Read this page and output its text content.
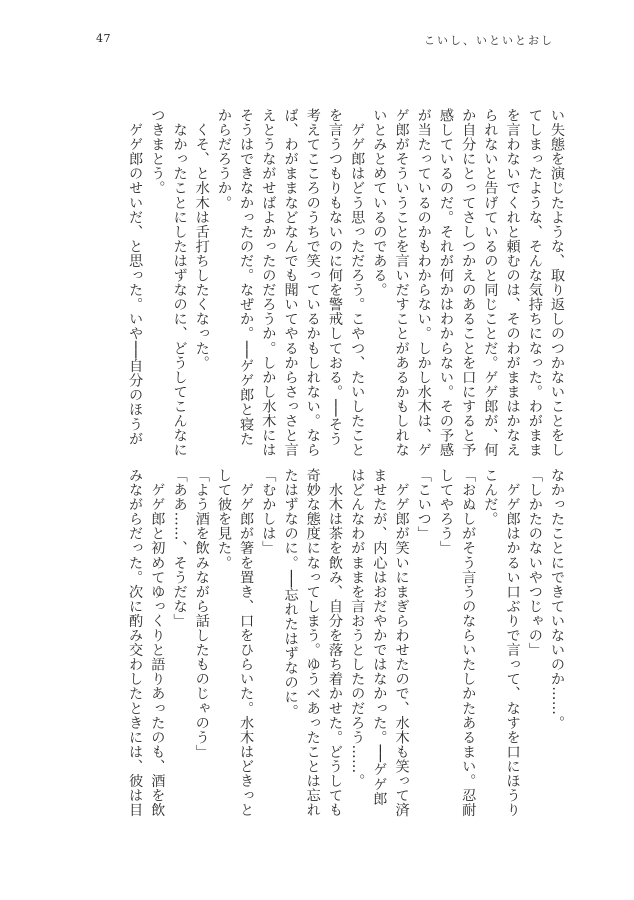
47	こいし、いといとおし
い失態を演じたような、取り返しのつかないことをし
てしまったような、そんな気持ちになった。わがまま
を言わないでくれと頼むのは、そのわがままはかなえ
られないと告げているのと同じことだ。ゲゲ郎が、何
か自分にとってさしつかえのあることを口にすると予
感しているのだ。それが何かはわからない。その予感
が当たっているのかもわからない。しかし水木は、ゲ
ゲ郎がそういうことを言いだすことがあるかもしれな
いとみとめているのである。
　ゲゲ郎はどう思っただろう。こやつ、たいしたこと
を言うつもりもないのに何を警戒しておる。──そう
考えてこころのうちで笑っているかもしれない。なら
ば、わがままなどなんでも聞いてやるからさっさと言
えとうながせばよかったのだろうか。しかし水木には
そうはできなかったのだ。なぜか。──ゲゲ郎と寝た
からだろうか。
　くそ、と水木は舌打ちしたくなった。
　なかったことにしたはずなのに、どうしてこんなに
つきまとう。
　ゲゲ郎のせいだ、と思った。いや──自分のほうが
なかったことにできていないのか……。
「しかたのないやつじゃの」
　ゲゲ郎はかるい口ぶりで言って、なすを口にほうり
こんだ。
「おぬしがそう言うのならいたしかたあるまい。忍耐
してやろう」
「こいつ」
　ゲゲ郎が笑いにまぎらわせたので、水木も笑って済
ませたが、内心はおだやかではなかった。──ゲゲ郎
はどんなわがままを言おうとしたのだろう……。
　水木は茶を飲み、自分を落ち着かせた。どうしても
奇妙な態度になってしまう。ゆうべあったことは忘れ
たはずなのに。──忘れたはずなのに。
「むかしは」
　ゲゲ郎が箸を置き、口をひらいた。水木はどきっと
して彼を見た。
「よう酒を飲みながら話したものじゃのう」
「ああ……、そうだな」
　ゲゲ郎と初めてゆっくりと語りあったのも、酒を飲
みながらだった。次に酌み交わしたときには、彼は目
